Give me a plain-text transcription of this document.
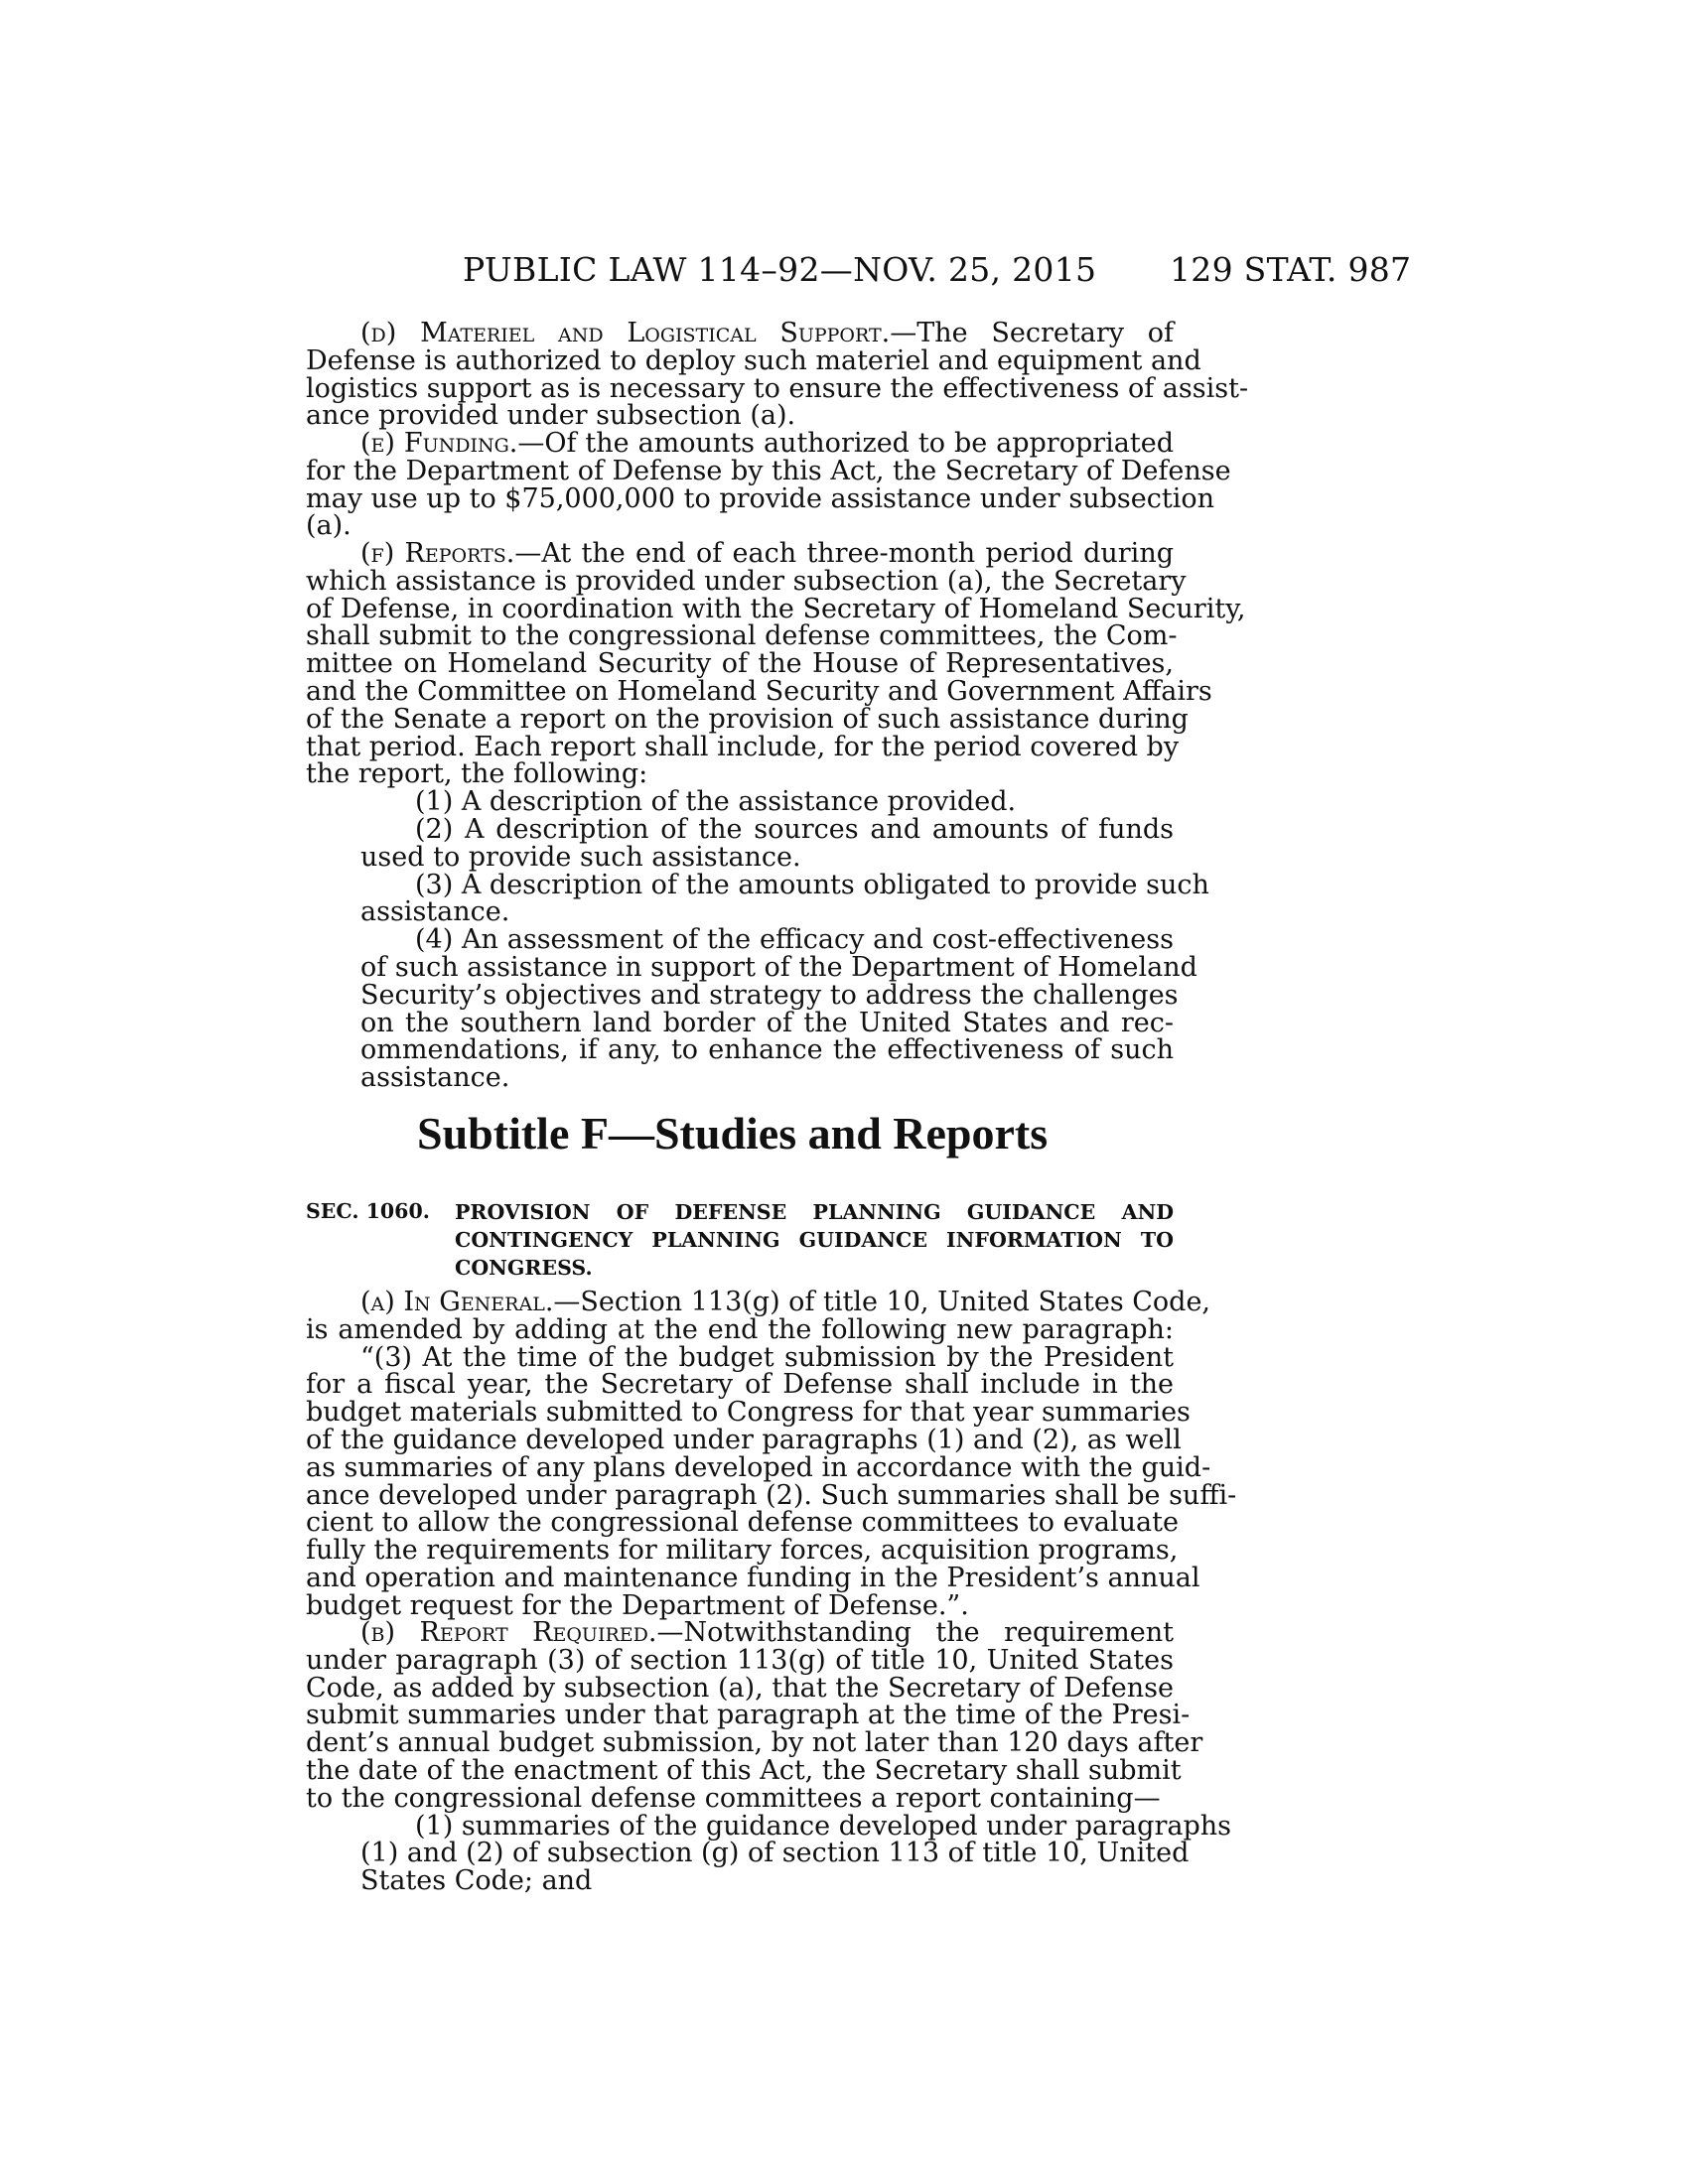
PUBLIC LAW 114–92—NOV. 25, 2015 129 STAT. 987
(d) Materiel and Logistical Support.—The Secretary of
Defense is authorized to deploy such materiel and equipment and
logistics support as is necessary to ensure the effectiveness of assist-
ance provided under subsection (a).
(e) Funding.—Of the amounts authorized to be appropriated
for the Department of Defense by this Act, the Secretary of Defense
may use up to $75,000,000 to provide assistance under subsection
(a).
(f) Reports.—At the end of each three-month period during
which assistance is provided under subsection (a), the Secretary
of Defense, in coordination with the Secretary of Homeland Security,
shall submit to the congressional defense committees, the Com-
mittee on Homeland Security of the House of Representatives,
and the Committee on Homeland Security and Government Affairs
of the Senate a report on the provision of such assistance during
that period. Each report shall include, for the period covered by
the report, the following:
(1) A description of the assistance provided.
(2) A description of the sources and amounts of funds
used to provide such assistance.
(3) A description of the amounts obligated to provide such
assistance.
(4) An assessment of the efficacy and cost-effectiveness
of such assistance in support of the Department of Homeland
Security’s objectives and strategy to address the challenges
on the southern land border of the United States and rec-
ommendations, if any, to enhance the effectiveness of such
assistance.
Subtitle F—Studies and Reports
SEC. 1060. PROVISION OF DEFENSE PLANNING GUIDANCE AND
CONTINGENCY PLANNING GUIDANCE INFORMATION TO
CONGRESS.
(a) In General.—Section 113(g) of title 10, United States Code,
is amended by adding at the end the following new paragraph:
“(3) At the time of the budget submission by the President
for a fiscal year, the Secretary of Defense shall include in the
budget materials submitted to Congress for that year summaries
of the guidance developed under paragraphs (1) and (2), as well
as summaries of any plans developed in accordance with the guid-
ance developed under paragraph (2). Such summaries shall be suffi-
cient to allow the congressional defense committees to evaluate
fully the requirements for military forces, acquisition programs,
and operation and maintenance funding in the President’s annual
budget request for the Department of Defense.”.
(b) Report Required.—Notwithstanding the requirement
under paragraph (3) of section 113(g) of title 10, United States
Code, as added by subsection (a), that the Secretary of Defense
submit summaries under that paragraph at the time of the Presi-
dent’s annual budget submission, by not later than 120 days after
the date of the enactment of this Act, the Secretary shall submit
to the congressional defense committees a report containing—
(1) summaries of the guidance developed under paragraphs
(1) and (2) of subsection (g) of section 113 of title 10, United
States Code; and
